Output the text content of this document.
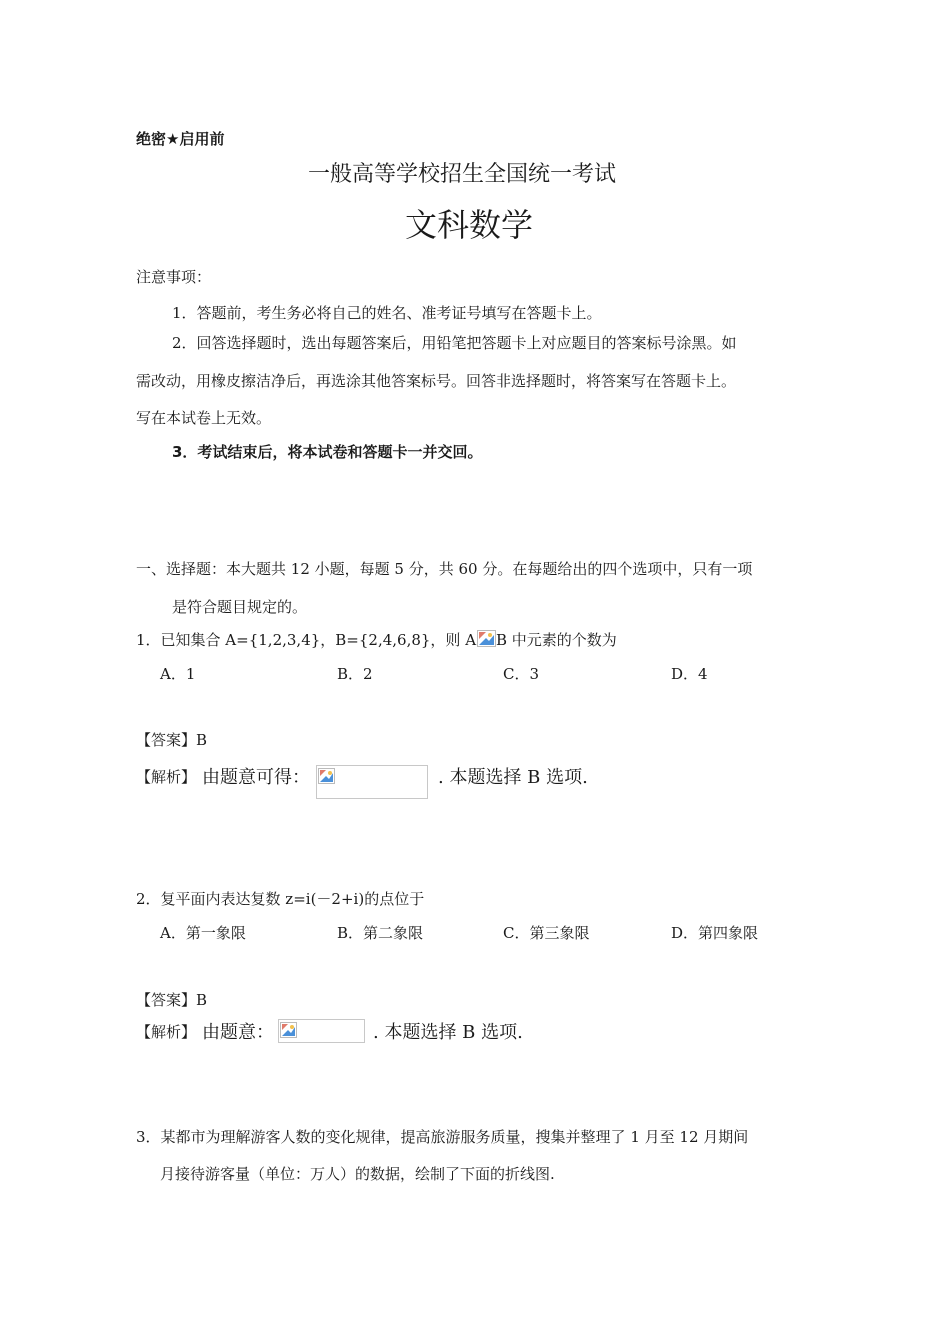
绝密★启用前
一般高等学校招生全国统一考试
文科数学
注意事项：
1．答题前，考生务必将自己的姓名、准考证号填写在答题卡上。
2．回答选择题时，选出每题答案后，用铅笔把答题卡上对应题目的答案标号涂黑。如
需改动，用橡皮擦洁净后，再选涂其他答案标号。回答非选择题时，将答案写在答题卡上。
写在本试卷上无效。
3．考试结束后，将本试卷和答题卡一并交回。
一、选择题：本大题共 12 小题，每题 5 分，共 60 分。在每题给出的四个选项中，只有一项
是符合题目规定的。
1．已知集合 A={1,2,3,4}，B={2,4,6,8}，则 A B 中元素的个数为
A．1	B．2	C．3	D．4
【答案】B
【解析】 由题意可得：	. 本题选择 B 选项.
2．复平面内表达复数 z=i(－2+i)的点位于
A．第一象限	B．第二象限	C．第三象限	D．第四象限
【答案】B
【解析】 由题意：	. 本题选择 B 选项.
3．某都市为理解游客人数的变化规律，提高旅游服务质量，搜集并整理了 1 月至 12 月期间
月接待游客量（单位：万人）的数据，绘制了下面的折线图.
